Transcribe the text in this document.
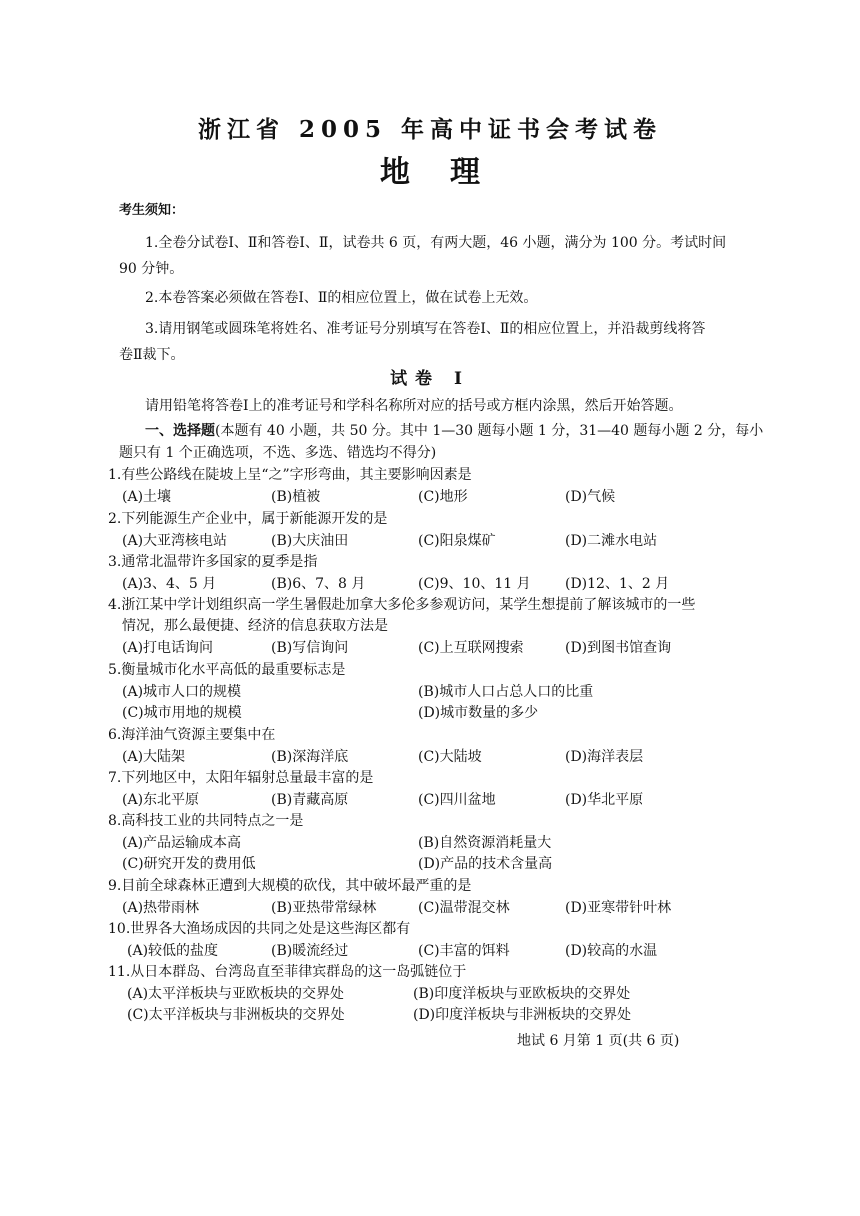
浙江省 2005 年高中证书会考试卷
地理
考生须知：
1.全卷分试卷Ⅰ、Ⅱ和答卷Ⅰ、Ⅱ，试卷共 6 页，有两大题，46 小题，满分为 100 分。考试时间
90 分钟。
2.本卷答案必须做在答卷Ⅰ、Ⅱ的相应位置上，做在试卷上无效。
3.请用钢笔或圆珠笔将姓名、准考证号分别填写在答卷Ⅰ、Ⅱ的相应位置上，并沿裁剪线将答
卷Ⅱ裁下。
试卷 Ⅰ
请用铅笔将答卷Ⅰ上的准考证号和学科名称所对应的括号或方框内涂黑，然后开始答题。
一、选择题(本题有 40 小题，共 50 分。其中 1—30 题每小题 1 分，31—40 题每小题 2 分，每小
题只有 1 个正确选项，不选、多选、错选均不得分)
1.有些公路线在陡坡上呈“之”字形弯曲，其主要影响因素是
(A)土壤	(B)植被	(C)地形	(D)气候
2.下列能源生产企业中，属于新能源开发的是
(A)大亚湾核电站	(B)大庆油田	(C)阳泉煤矿	(D)二滩水电站
3.通常北温带许多国家的夏季是指
(A)3、4、5 月	(B)6、7、8 月	(C)9、10、11 月 (D)12、1、2 月
4.浙江某中学计划组织高一学生暑假赴加拿大多伦多参观访问，某学生想提前了解该城市的一些
情况，那么最便捷、经济的信息获取方法是
(A)打电话询问	(B)写信询问	(C)上互联网搜索	(D)到图书馆查询
5.衡量城市化水平高低的最重要标志是
(A)城市人口的规模	(B)城市人口占总人口的比重
(C)城市用地的规模	(D)城市数量的多少
6.海洋油气资源主要集中在
(A)大陆架	(B)深海洋底	(C)大陆坡	(D)海洋表层
7.下列地区中，太阳年辐射总量最丰富的是
(A)东北平原	(B)青藏高原	(C)四川盆地	(D)华北平原
8.高科技工业的共同特点之一是
(A)产品运输成本高	(B)自然资源消耗量大
(C)研究开发的费用低	(D)产品的技术含量高
9.目前全球森林正遭到大规模的砍伐，其中破坏最严重的是
(A)热带雨林	(B)亚热带常绿林	(C)温带混交林	(D)亚寒带针叶林
10.世界各大渔场成因的共同之处是这些海区都有
(A)较低的盐度	(B)暖流经过	(C)丰富的饵料	(D)较高的水温
11.从日本群岛、台湾岛直至菲律宾群岛的这一岛弧链位于
(A)太平洋板块与亚欧板块的交界处	(B)印度洋板块与亚欧板块的交界处
(C)太平洋板块与非洲板块的交界处	(D)印度洋板块与非洲板块的交界处
地试 6 月第 1 页(共 6 页)
